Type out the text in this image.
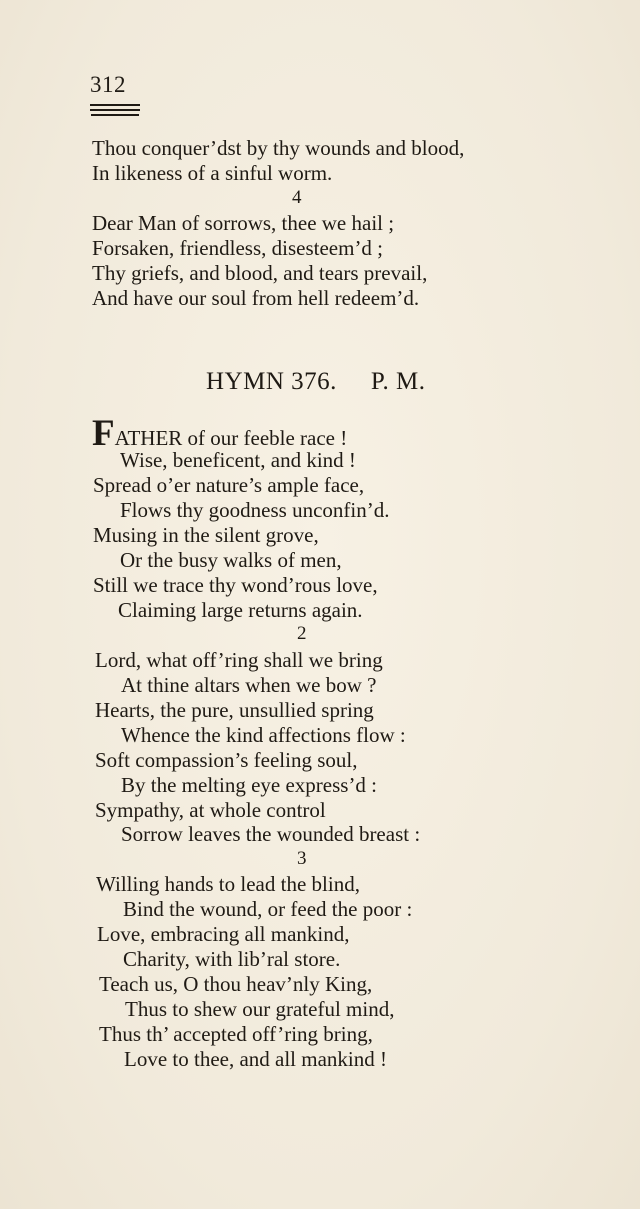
312
Thou conquer’dst by thy wounds and blood,
In likeness of a sinful worm.
4
Dear Man of sorrows, thee we hail ;
Forsaken, friendless, disesteem’d ;
Thy griefs, and blood, and tears prevail,
And have our soul from hell redeem’d.
HYMN 376. P. M.
FATHER of our feeble race !
Wise, beneficent, and kind !
Spread o’er nature’s ample face,
Flows thy goodness unconfin’d.
Musing in the silent grove,
Or the busy walks of men,
Still we trace thy wond’rous love,
Claiming large returns again.
2
Lord, what off’ring shall we bring
At thine altars when we bow ?
Hearts, the pure, unsullied spring
Whence the kind affections flow :
Soft compassion’s feeling soul,
By the melting eye express’d :
Sympathy, at whole control
Sorrow leaves the wounded breast :
3
Willing hands to lead the blind,
Bind the wound, or feed the poor :
Love, embracing all mankind,
Charity, with lib’ral store.
Teach us, O thou heav’nly King,
Thus to shew our grateful mind,
Thus th’ accepted off’ring bring,
Love to thee, and all mankind !
